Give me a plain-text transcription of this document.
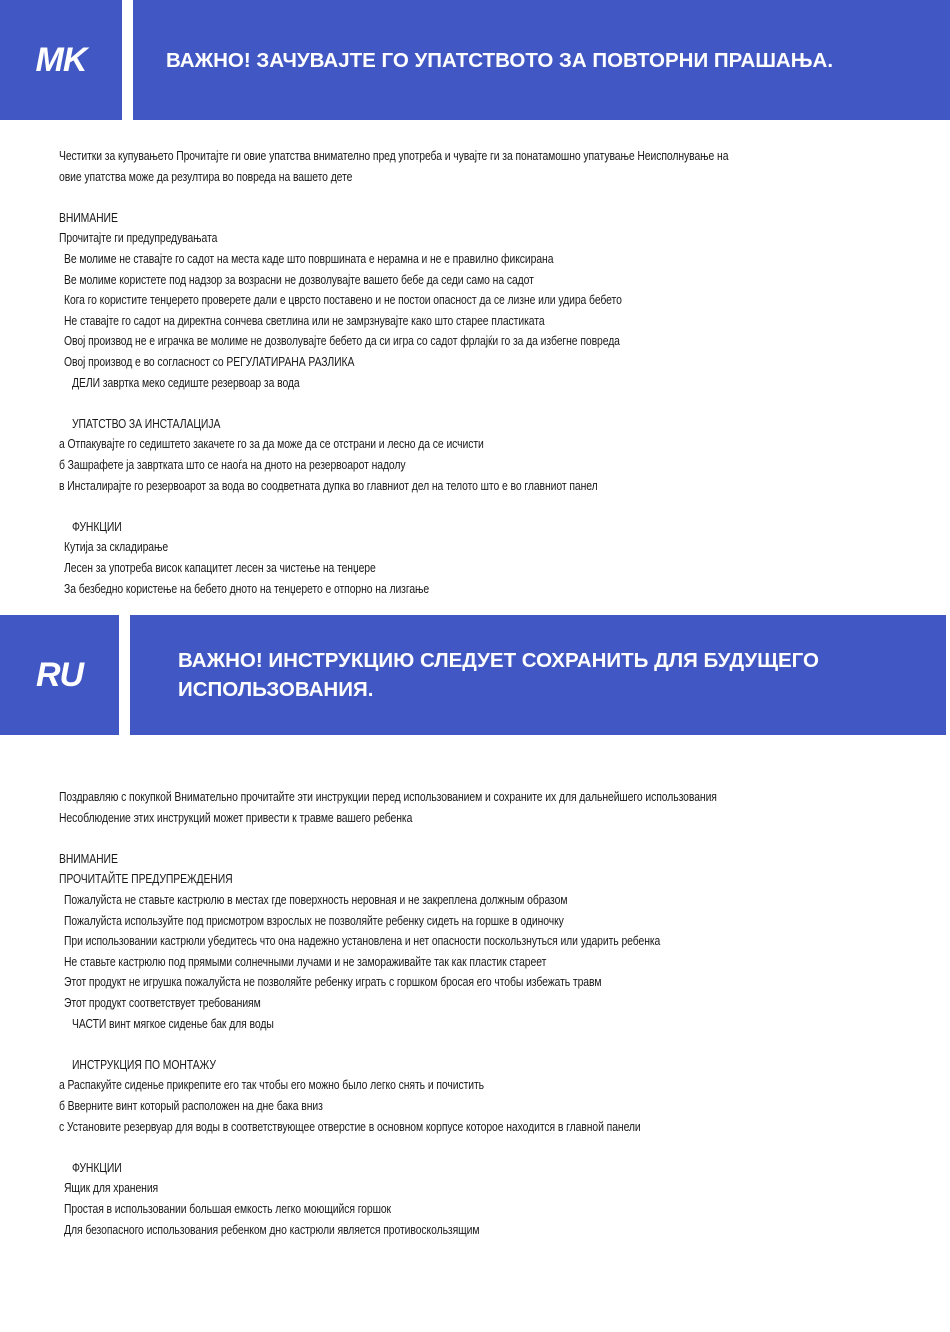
MK	ВАЖНО! ЗАЧУВАЈТЕ ГО УПАТСТВОТО ЗА ПОВТОРНИ ПРАШАЊА.
Честитки за купувањето Прочитајте ги овие упатства внимателно пред употреба и чувајте ги за понатамошно упатување Неисполнување на
овие упатства може да резултира во повреда на вашето дете
ВНИМАНИЕ
Прочитајте ги предупредувањата
Ве молиме не ставајте го садот на места каде што површината е нерамна и не е правилно фиксирана
Ве молиме користете под надзор за возрасни не дозволувајте вашето бебе да седи само на садот
Кога го користите тенџерето проверете дали е цврсто поставено и не постои опасност да се лизне или удира бебето
Не ставајте го садот на директна сончева светлина или не замрзнувајте како што старее пластиката
Овој производ не е играчка ве молиме не дозволувајте бебето да си игра со садот фрлајќи го за да избегне повреда
Овој производ е во согласност со РЕГУЛАТИРАНА РАЗЛИКА
ДЕЛИ завртка меко седиште резервоар за вода
УПАТСТВО ЗА ИНСТАЛАЦИЈА
а Отпакувајте го седиштето закачете го за да може да се отстрани и лесно да се исчисти
б Зашрафете ја завртката што се наоѓа на дното на резервоарот надолу
в Инсталирајте го резервоарот за вода во соодветната дупка во главниот дел на телото што е во главниот панел
ФУНКЦИИ
Кутија за складирање
Лесен за употреба висок капацитет лесен за чистење на тенџере
За безбедно користење на бебето дното на тенџерето е отпорно на лизгање
RU	ВАЖНО! ИНСТРУКЦИЮ СЛЕДУЕТ СОХРАНИТЬ ДЛЯ БУДУЩЕГО
ИСПОЛЬЗОВАНИЯ.
Поздравляю с покупкой Внимательно прочитайте эти инструкции перед использованием и сохраните их для дальнейшего использования
Несоблюдение этих инструкций может привести к травме вашего ребенка
ВНИМАНИЕ
ПРОЧИТАЙТЕ ПРЕДУПРЕЖДЕНИЯ
Пожалуйста не ставьте кастрюлю в местах где поверхность неровная и не закреплена должным образом
Пожалуйста используйте под присмотром взрослых не позволяйте ребенку сидеть на горшке в одиночку
При использовании кастрюли убедитесь что она надежно установлена и нет опасности поскользнуться или ударить ребенка
Не ставьте кастрюлю под прямыми солнечными лучами и не замораживайте так как пластик стареет
Этот продукт не игрушка пожалуйста не позволяйте ребенку играть с горшком бросая его чтобы избежать травм
Этот продукт соответствует требованиям
ЧАСТИ винт мягкое сиденье бак для воды
ИНСТРУКЦИЯ ПО МОНТАЖУ
а Распакуйте сиденье прикрепите его так чтобы его можно было легко снять и почистить
б Вверните винт который расположен на дне бака вниз
с Установите резервуар для воды в соответствующее отверстие в основном корпусе которое находится в главной панели
ФУНКЦИИ
Ящик для хранения
Простая в использовании большая емкость легко моющийся горшок
Для безопасного использования ребенком дно кастрюли является противоскользящим
